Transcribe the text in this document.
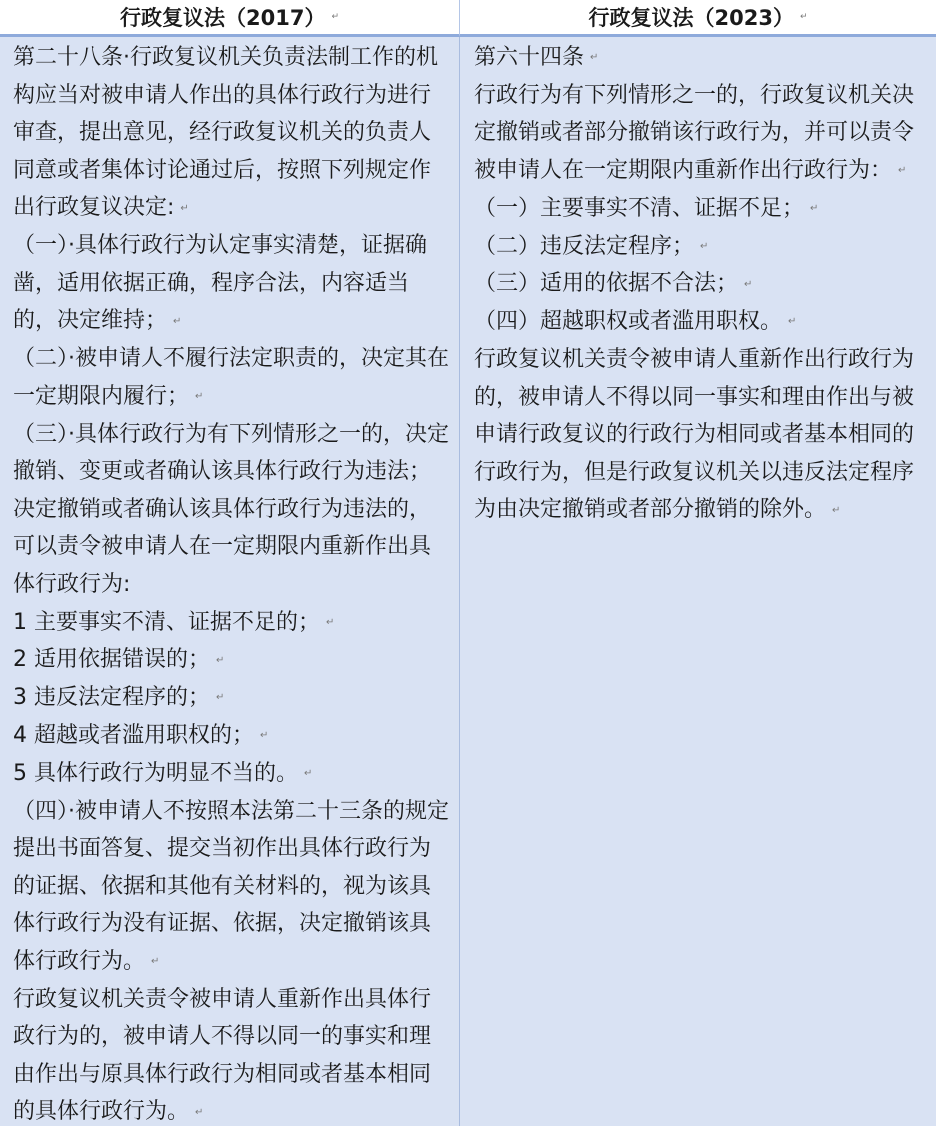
行政复议法（2017） ↵	行政复议法（2023） ↵

第二十八条·行政复议机关负责法制工作的机构应当对被申请人作出的具体行政行为进行审查，提出意见，经行政复议机关的负责人同意或者集体讨论通过后，按照下列规定作出行政复议决定: ↵

（一）·具体行政行为认定事实清楚，证据确凿，适用依据正确，程序合法，内容适当的，决定维持； ↵

（二）·被申请人不履行法定职责的，决定其在一定期限内履行； ↵

（三）·具体行政行为有下列情形之一的，决定撤销、变更或者确认该具体行政行为违法；决定撤销或者确认该具体行政行为违法的，可以责令被申请人在一定期限内重新作出具体行政行为:

1 主要事实不清、证据不足的； ↵

2 适用依据错误的； ↵

3 违反法定程序的； ↵

4 超越或者滥用职权的； ↵

5 具体行政行为明显不当的。 ↵

（四）·被申请人不按照本法第二十三条的规定提出书面答复、提交当初作出具体行政行为的证据、依据和其他有关材料的，视为该具体行政行为没有证据、依据，决定撤销该具体行政行为。 ↵

行政复议机关责令被申请人重新作出具体行政行为的，被申请人不得以同一的事实和理由作出与原具体行政行为相同或者基本相同的具体行政行为。 ↵

第六十四条 ↵

行政行为有下列情形之一的，行政复议机关决定撤销或者部分撤销该行政行为，并可以责令被申请人在一定期限内重新作出行政行为： ↵

（一）主要事实不清、证据不足； ↵

（二）违反法定程序； ↵

（三）适用的依据不合法； ↵

（四）超越职权或者滥用职权。 ↵

行政复议机关责令被申请人重新作出行政行为的，被申请人不得以同一事实和理由作出与被申请行政复议的行政行为相同或者基本相同的行政行为，但是行政复议机关以违反法定程序为由决定撤销或者部分撤销的除外。 ↵
